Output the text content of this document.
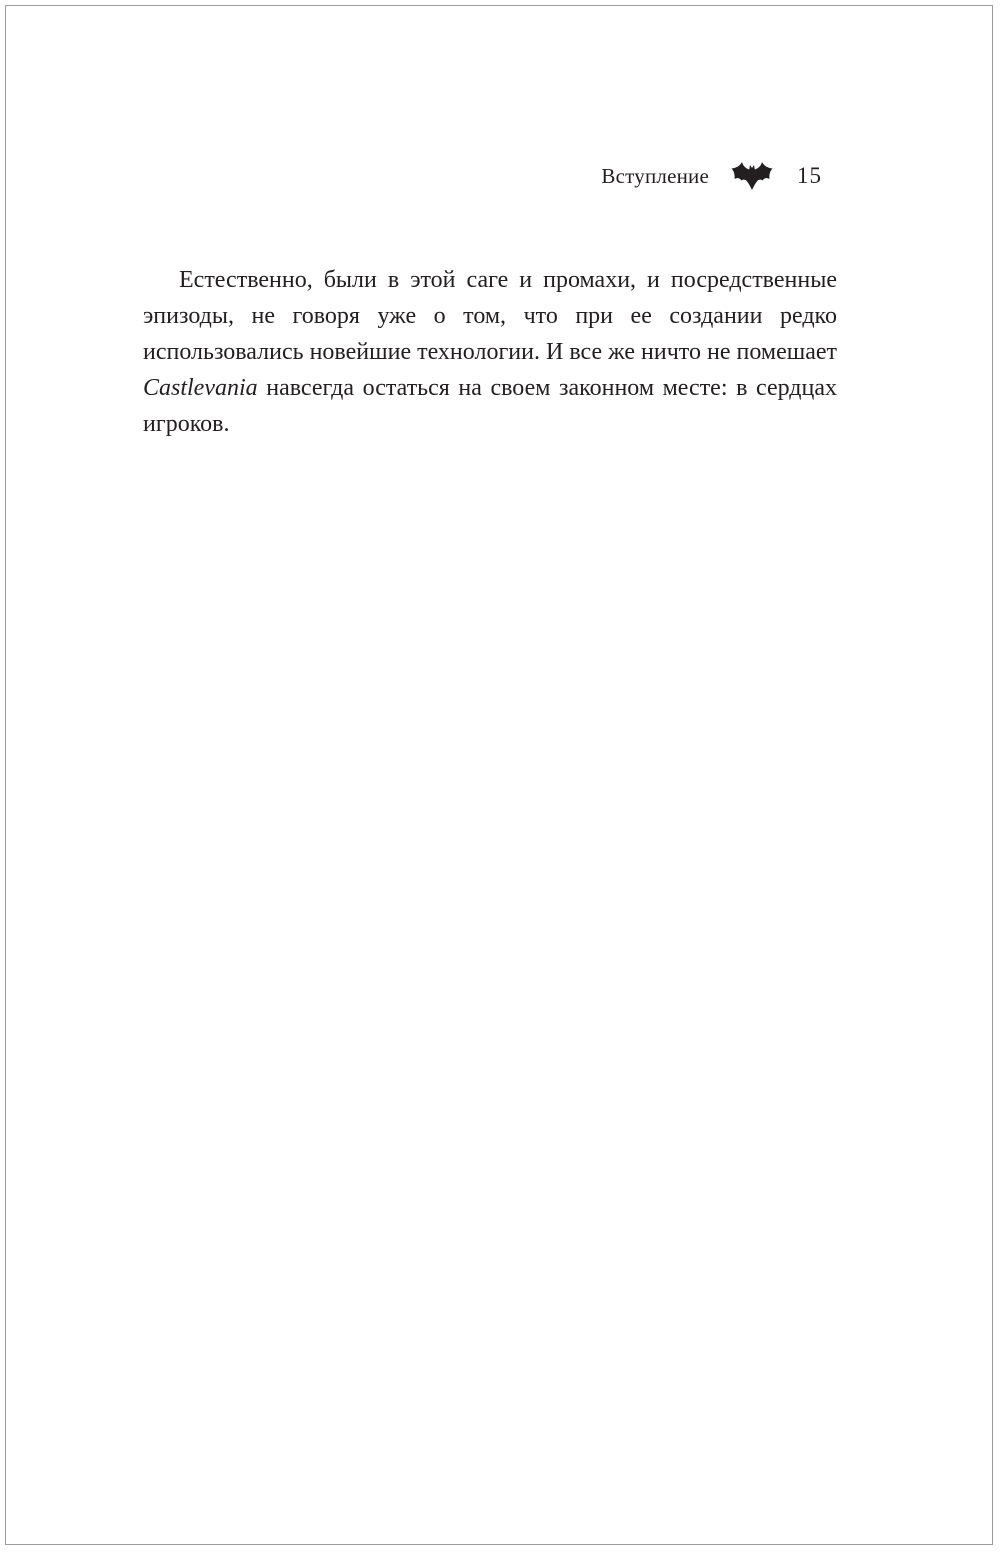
Вступление	15

Естественно, были в этой саге и промахи, и посредственные эпизоды, не говоря уже о том, что при ее создании редко использовались новейшие технологии. И все же ничто не помешает Castlevania навсегда остаться на своем законном месте: в сердцах игроков.
